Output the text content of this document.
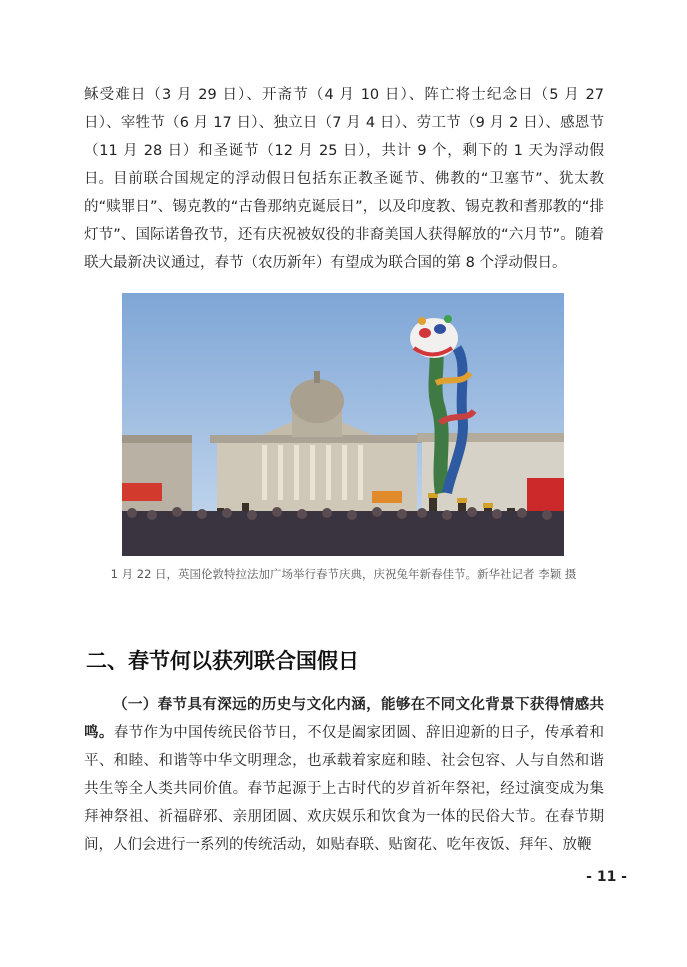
稣受难日（3 月 29 日）、开斋节（4 月 10 日）、阵亡将士纪念日（5 月 27 日）、宰牲节（6 月 17 日）、独立日（7 月 4 日）、劳工节（9 月 2 日）、感恩节（11 月 28 日）和圣诞节（12 月 25 日），共计 9 个，剩下的 1 天为浮动假日。 目前联合国规定的浮动假日包括东正教圣诞节、佛教的“卫塞节”、犹太教的“赎罪日”、锡克教的“古鲁那纳克诞辰日”，以及印度教、锡克教和耆那教的“排灯节”、国际诺鲁孜节，还有庆祝被奴役的非裔美国人获得解放的“六月节”。随着联大最新决议通过，春节（农历新年）有望成为联合国的第 8 个浮动假日。

1 月 22 日，英国伦敦特拉法加广场举行春节庆典，庆祝兔年新春佳节。新华社记者 李颖 摄

二、春节何以获列联合国假日

（一）春节具有深远的历史与文化内涵，能够在不同文化背景下获得情感共鸣。春节作为中国传统民俗节日，不仅是阖家团圆、辞旧迎新的日子，传承着和平、和睦、和谐等中华文明理念，也承载着家庭和睦、社会包容、人与自然和谐共生等全人类共同价值。春节起源于上古时代的岁首祈年祭祀，经过演变成为集拜神祭祖、祈福辟邪、亲朋团圆、欢庆娱乐和饮食为一体的民俗大节。在春节期间，人们会进行一系列的传统活动，如贴春联、贴窗花、吃年夜饭、拜年、放鞭

- 11 -
